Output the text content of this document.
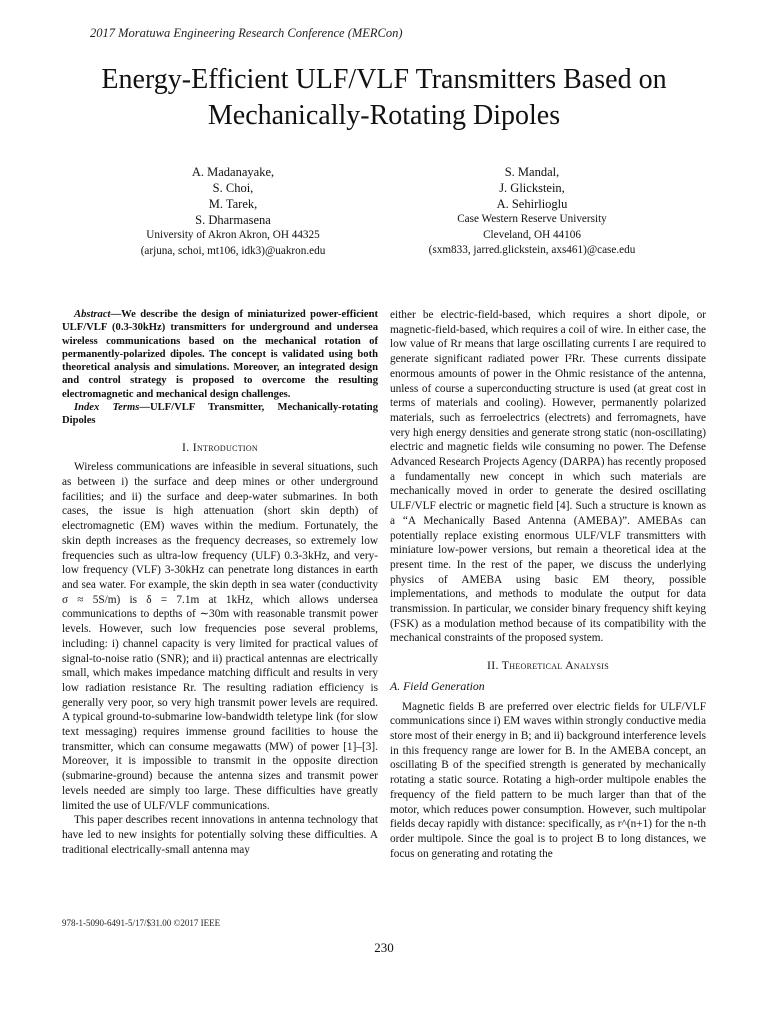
2017 Moratuwa Engineering Research Conference (MERCon)
Energy-Efficient ULF/VLF Transmitters Based on
Mechanically-Rotating Dipoles
A. Madanayake,
S. Choi,
M. Tarek,
S. Dharmasena
University of Akron Akron, OH 44325
(arjuna, schoi, mt106, idk3)@uakron.edu
S. Mandal,
J. Glickstein,
A. Sehirlioglu
Case Western Reserve University
Cleveland, OH 44106
(sxm833, jarred.glickstein, axs461)@case.edu

Abstract—We describe the design of miniaturized power-efficient ULF/VLF (0.3-30kHz) transmitters for underground and undersea wireless communications based on the mechanical rotation of permanently-polarized dipoles. The concept is validated using both theoretical analysis and simulations. Moreover, an integrated design and control strategy is proposed to overcome the resulting electromagnetic and mechanical design challenges.

Index Terms—ULF/VLF Transmitter, Mechanically-rotating Dipoles

I. Introduction

Wireless communications are infeasible in several situations, such as between i) the surface and deep mines or other underground facilities; and ii) the surface and deep-water submarines. In both cases, the issue is high attenuation (short skin depth) of electromagnetic (EM) waves within the medium. Fortunately, the skin depth increases as the frequency decreases, so extremely low frequencies such as ultra-low frequency (ULF) 0.3-3kHz, and very-low frequency (VLF) 3-30kHz can penetrate long distances in earth and sea water. For example, the skin depth in sea water (conductivity σ ≈ 5S/m) is δ = 7.1m at 1kHz, which allows undersea communications to depths of ∼30m with reasonable transmit power levels. However, such low frequencies pose several problems, including: i) channel capacity is very limited for practical values of signal-to-noise ratio (SNR); and ii) practical antennas are electrically small, which makes impedance matching difficult and results in very low radiation resistance Rr. The resulting radiation efficiency is generally very poor, so very high transmit power levels are required. A typical ground-to-submarine low-bandwidth teletype link (for slow text messaging) requires immense ground facilities to house the transmitter, which can consume megawatts (MW) of power [1]–[3]. Moreover, it is impossible to transmit in the opposite direction (submarine-ground) because the antenna sizes and transmit power levels needed are simply too large. These difficulties have greatly limited the use of ULF/VLF communications.

This paper describes recent innovations in antenna technology that have led to new insights for potentially solving these difficulties. A traditional electrically-small antenna may

either be electric-field-based, which requires a short dipole, or magnetic-field-based, which requires a coil of wire. In either case, the low value of Rr means that large oscillating currents I are required to generate significant radiated power I²Rr. These currents dissipate enormous amounts of power in the Ohmic resistance of the antenna, unless of course a superconducting structure is used (at great cost in terms of materials and cooling). However, permanently polarized materials, such as ferroelectrics (electrets) and ferromagnets, have very high energy densities and generate strong static (non-oscillating) electric and magnetic fields wile consuming no power. The Defense Advanced Research Projects Agency (DARPA) has recently proposed a fundamentally new concept in which such materials are mechanically moved in order to generate the desired oscillating ULF/VLF electric or magnetic field [4]. Such a structure is known as a “A Mechanically Based Antenna (AMEBA)”. AMEBAs can potentially replace existing enormous ULF/VLF transmitters with miniature low-power versions, but remain a theoretical idea at the present time. In the rest of the paper, we discuss the underlying physics of AMEBA using basic EM theory, possible implementations, and methods to modulate the output for data transmission. In particular, we consider binary frequency shift keying (FSK) as a modulation method because of its compatibility with the mechanical constraints of the proposed system.

II. Theoretical Analysis
A. Field Generation

Magnetic fields B are preferred over electric fields for ULF/VLF communications since i) EM waves within strongly conductive media store most of their energy in B; and ii) background interference levels in this frequency range are lower for B. In the AMEBA concept, an oscillating B of the specified strength is generated by mechanically rotating a static source. Rotating a high-order multipole enables the frequency of the field pattern to be much larger than that of the motor, which reduces power consumption. However, such multipolar fields decay rapidly with distance: specifically, as r^(n+1) for the n-th order multipole. Since the goal is to project B to long distances, we focus on generating and rotating the

978-1-5090-6491-5/17/$31.00 ©2017 IEEE
230
